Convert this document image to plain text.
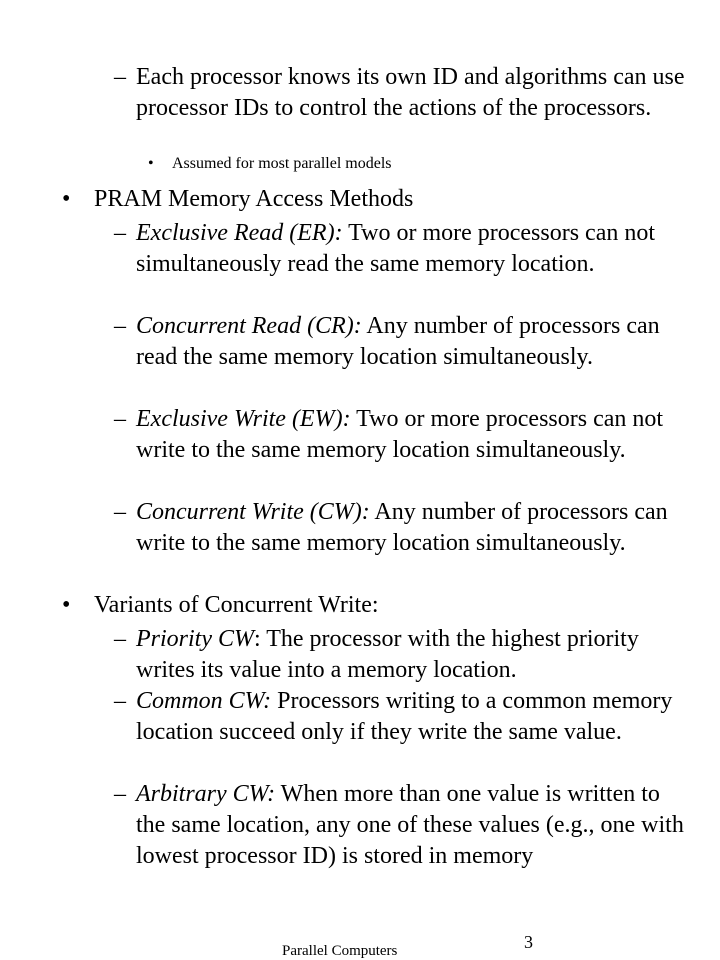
– Each processor knows its own ID and algorithms can use processor IDs to control the actions of the processors.
• Assumed for most parallel models
• PRAM Memory Access Methods
– Exclusive Read (ER): Two or more processors can not simultaneously read the same memory location.
– Concurrent Read (CR): Any number of processors can read the same memory location simultaneously.
– Exclusive Write (EW): Two or more processors can not write to the same memory location simultaneously.
– Concurrent Write (CW): Any number of processors can write to the same memory location simultaneously.
• Variants of Concurrent Write:
– Priority CW: The processor with the highest priority writes its value into a memory location.
– Common CW: Processors writing to a common memory location succeed only if they write the same value.
– Arbitrary CW: When more than one value is written to the same location, any one of these values (e.g., one with lowest processor ID) is stored in memory
3
Parallel Computers
